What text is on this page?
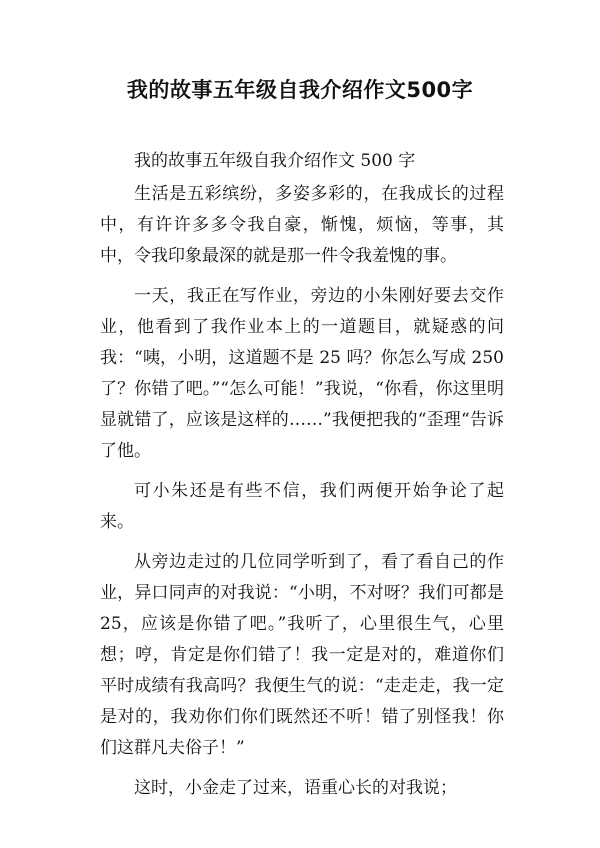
我的故事五年级自我介绍作文500字

我的故事五年级自我介绍作文 500 字

生活是五彩缤纷，多姿多彩的，在我成长的过程中，有许许多多令我自豪，惭愧，烦恼，等事，其中，令我印象最深的就是那一件令我羞愧的事。

一天，我正在写作业，旁边的小朱刚好要去交作业，他看到了我作业本上的一道题目，就疑惑的问我：“咦，小明，这道题不是 25 吗？你怎么写成 250 了？你错了吧。”“怎么可能！”我说，“你看，你这里明显就错了，应该是这样的……”我便把我的“歪理“告诉了他。

可小朱还是有些不信，我们两便开始争论了起来。

从旁边走过的几位同学听到了，看了看自己的作业，异口同声的对我说：“小明，不对呀？我们可都是 25，应该是你错了吧。”我听了，心里很生气，心里想；哼，肯定是你们错了！我一定是对的，难道你们平时成绩有我高吗？我便生气的说：“走走走，我一定是对的，我劝你们你们既然还不听！错了别怪我！你们这群凡夫俗子！”

这时，小金走了过来，语重心长的对我说；
